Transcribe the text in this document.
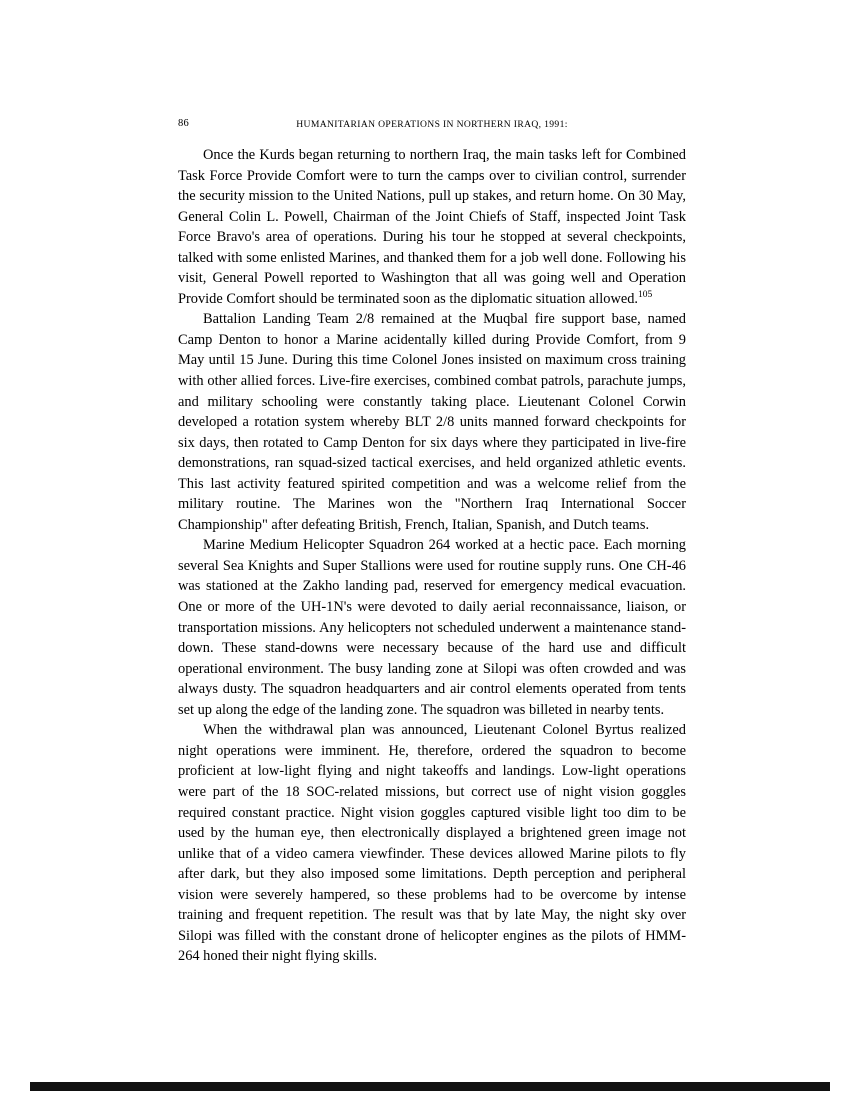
86	HUMANITARIAN OPERATIONS IN NORTHERN IRAQ, 1991:

Once the Kurds began returning to northern Iraq, the main tasks left for Combined Task Force Provide Comfort were to turn the camps over to civilian control, surrender the security mission to the United Nations, pull up stakes, and return home. On 30 May, General Colin L. Powell, Chairman of the Joint Chiefs of Staff, inspected Joint Task Force Bravo's area of operations. During his tour he stopped at several checkpoints, talked with some enlisted Marines, and thanked them for a job well done. Following his visit, General Powell reported to Washington that all was going well and Operation Provide Comfort should be terminated soon as the diplomatic situation allowed.$^{105}$

Battalion Landing Team 2/8 remained at the Muqbal fire support base, named Camp Denton to honor a Marine acidentally killed during Provide Comfort, from 9 May until 15 June. During this time Colonel Jones insisted on maximum cross training with other allied forces. Live-fire exercises, combined combat patrols, parachute jumps, and military schooling were constantly taking place. Lieutenant Colonel Corwin developed a rotation system whereby BLT 2/8 units manned forward checkpoints for six days, then rotated to Camp Denton for six days where they participated in live-fire demonstrations, ran squad-sized tactical exercises, and held organized athletic events. This last activity featured spirited competition and was a welcome relief from the military routine. The Marines won the "Northern Iraq International Soccer Championship" after defeating British, French, Italian, Spanish, and Dutch teams.

Marine Medium Helicopter Squadron 264 worked at a hectic pace. Each morning several Sea Knights and Super Stallions were used for routine supply runs. One CH-46 was stationed at the Zakho landing pad, reserved for emergency medical evacuation. One or more of the UH-1N's were devoted to daily aerial reconnaissance, liaison, or transportation missions. Any helicopters not scheduled underwent a maintenance stand-down. These stand-downs were necessary because of the hard use and difficult operational environment. The busy landing zone at Silopi was often crowded and was always dusty. The squadron headquarters and air control elements operated from tents set up along the edge of the landing zone. The squadron was billeted in nearby tents.

When the withdrawal plan was announced, Lieutenant Colonel Byrtus realized night operations were imminent. He, therefore, ordered the squadron to become proficient at low-light flying and night takeoffs and landings. Low-light operations were part of the 18 SOC-related missions, but correct use of night vision goggles required constant practice. Night vision goggles captured visible light too dim to be used by the human eye, then electronically displayed a brightened green image not unlike that of a video camera viewfinder. These devices allowed Marine pilots to fly after dark, but they also imposed some limitations. Depth perception and peripheral vision were severely hampered, so these problems had to be overcome by intense training and frequent repetition. The result was that by late May, the night sky over Silopi was filled with the constant drone of helicopter engines as the pilots of HMM-264 honed their night flying skills.
